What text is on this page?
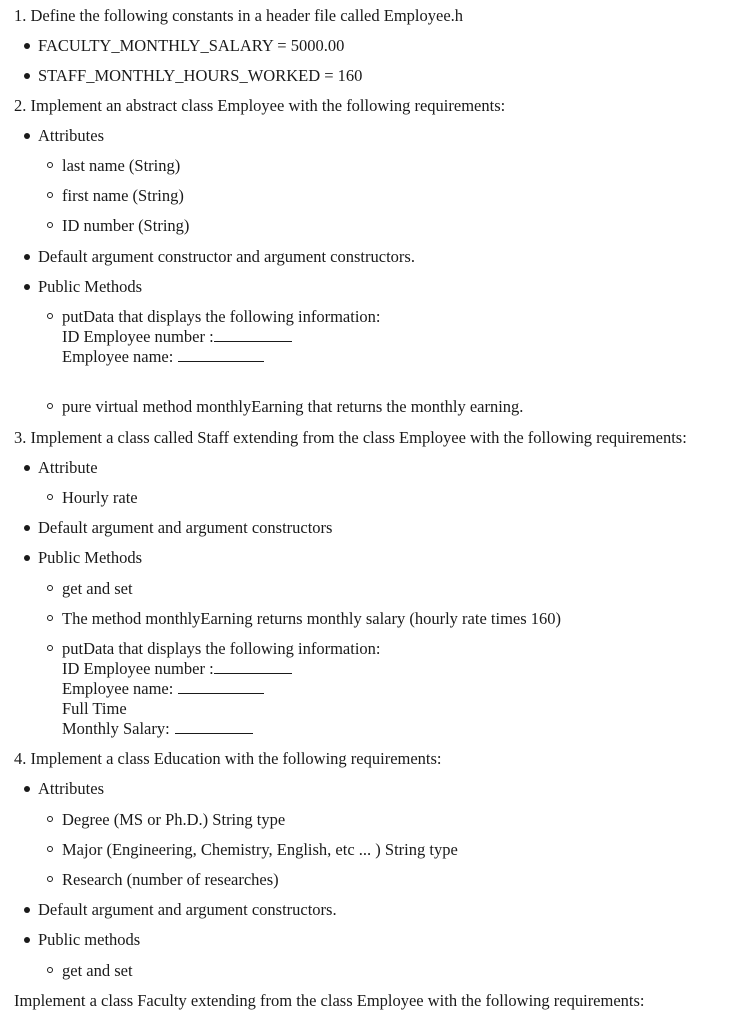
1. Define the following constants in a header file called Employee.h
FACULTY_MONTHLY_SALARY = 5000.00
STAFF_MONTHLY_HOURS_WORKED = 160
2. Implement an abstract class Employee with the following requirements:
Attributes
last name (String)
first name (String)
ID number (String)
Default argument constructor and argument constructors.
Public Methods
putData that displays the following information:
ID Employee number :
Employee name:
pure virtual method monthlyEarning that returns the monthly earning.
3. Implement a class called Staff extending from the class Employee with the following requirements:
Attribute
Hourly rate
Default argument and argument constructors
Public Methods
get and set
The method monthlyEarning returns monthly salary (hourly rate times 160)
putData that displays the following information:
ID Employee number :
Employee name:
Full Time
Monthly Salary:
4. Implement a class Education with the following requirements:
Attributes
Degree (MS or Ph.D.) String type
Major (Engineering, Chemistry, English, etc ... ) String type
Research (number of researches)
Default argument and argument constructors.
Public methods
get and set
Implement a class Faculty extending from the class Employee with the following requirements:
